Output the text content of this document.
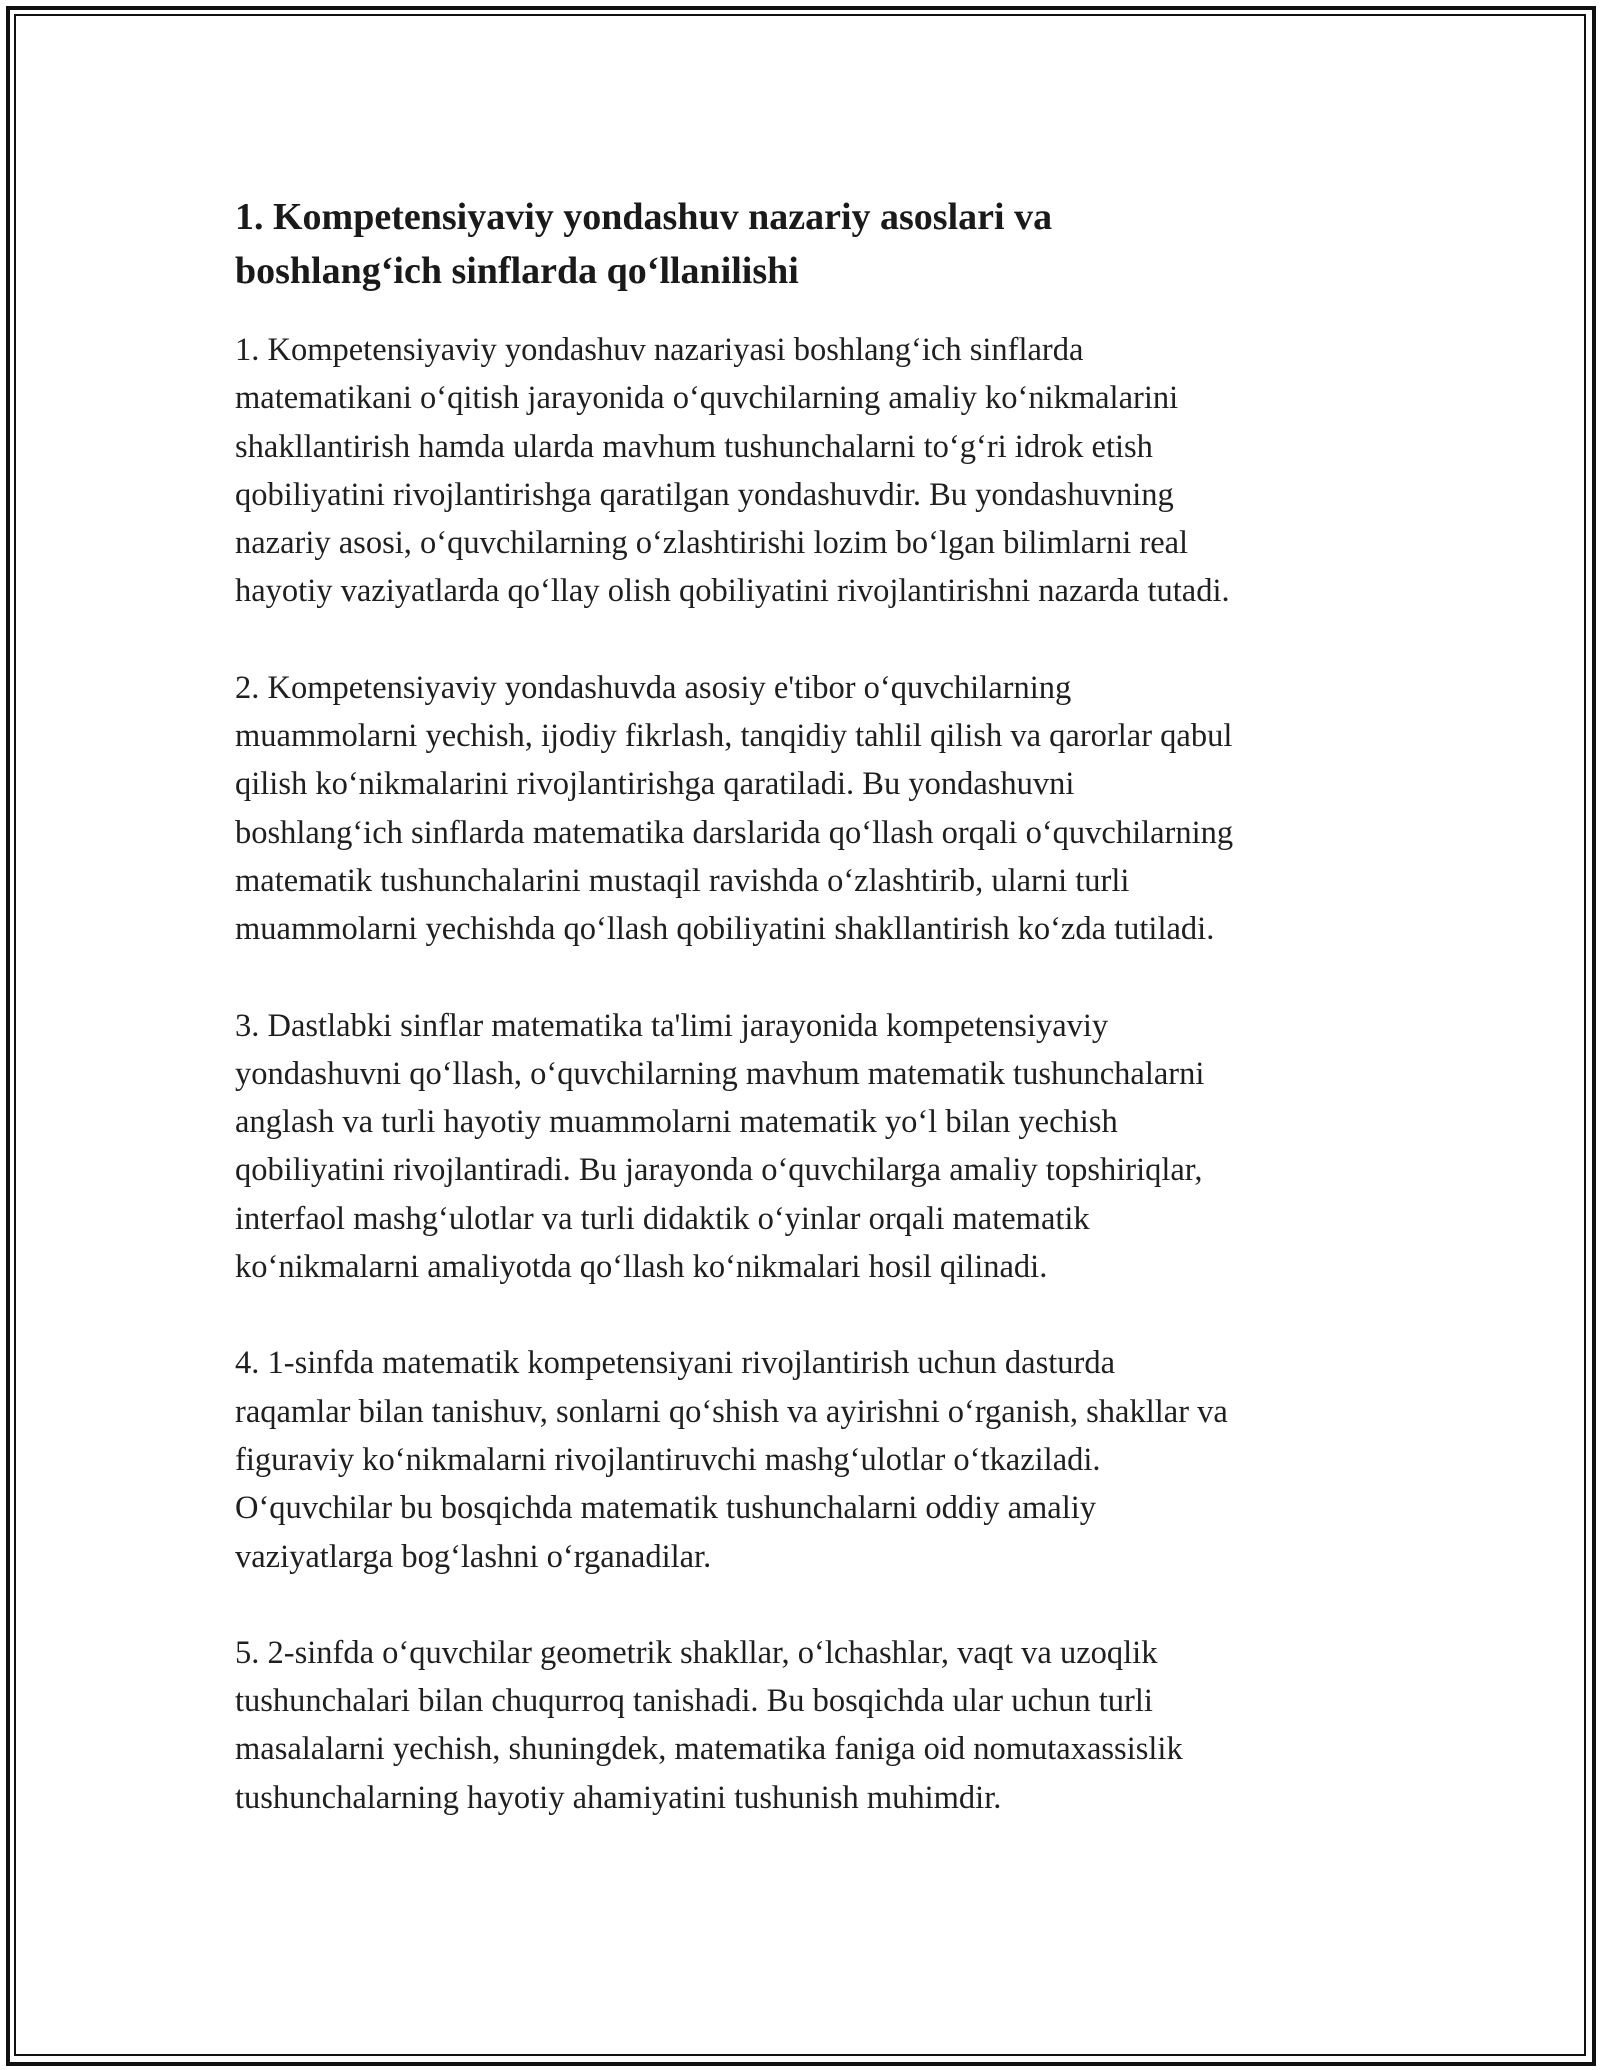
1. Kompetensiyaviy yondashuv nazariy asoslari va boshlang‘ich sinflarda qo‘llanilishi

1. Kompetensiyaviy yondashuv nazariyasi boshlang‘ich sinflarda
matematikani o‘qitish jarayonida o‘quvchilarning amaliy ko‘nikmalarini
shakllantirish hamda ularda mavhum tushunchalarni to‘g‘ri idrok etish
qobiliyatini rivojlantirishga qaratilgan yondashuvdir. Bu yondashuvning
nazariy asosi, o‘quvchilarning o‘zlashtirishi lozim bo‘lgan bilimlarni real
hayotiy vaziyatlarda qo‘llay olish qobiliyatini rivojlantirishni nazarda tutadi.

2. Kompetensiyaviy yondashuvda asosiy e'tibor o‘quvchilarning
muammolarni yechish, ijodiy fikrlash, tanqidiy tahlil qilish va qarorlar qabul
qilish ko‘nikmalarini rivojlantirishga qaratiladi. Bu yondashuvni
boshlang‘ich sinflarda matematika darslarida qo‘llash orqali o‘quvchilarning
matematik tushunchalarini mustaqil ravishda o‘zlashtirib, ularni turli
muammolarni yechishda qo‘llash qobiliyatini shakllantirish ko‘zda tutiladi.

3. Dastlabki sinflar matematika ta'limi jarayonida kompetensiyaviy
yondashuvni qo‘llash, o‘quvchilarning mavhum matematik tushunchalarni
anglash va turli hayotiy muammolarni matematik yo‘l bilan yechish
qobiliyatini rivojlantiradi. Bu jarayonda o‘quvchilarga amaliy topshiriqlar,
interfaol mashg‘ulotlar va turli didaktik o‘yinlar orqali matematik
ko‘nikmalarni amaliyotda qo‘llash ko‘nikmalari hosil qilinadi.

4. 1-sinfda matematik kompetensiyani rivojlantirish uchun dasturda
raqamlar bilan tanishuv, sonlarni qo‘shish va ayirishni o‘rganish, shakllar va
figuraviy ko‘nikmalarni rivojlantiruvchi mashg‘ulotlar o‘tkaziladi.
O‘quvchilar bu bosqichda matematik tushunchalarni oddiy amaliy
vaziyatlarga bog‘lashni o‘rganadilar.

5. 2-sinfda o‘quvchilar geometrik shakllar, o‘lchashlar, vaqt va uzoqlik
tushunchalari bilan chuqurroq tanishadi. Bu bosqichda ular uchun turli
masalalarni yechish, shuningdek, matematika faniga oid nomutaxassislik
tushunchalarning hayotiy ahamiyatini tushunish muhimdir.
